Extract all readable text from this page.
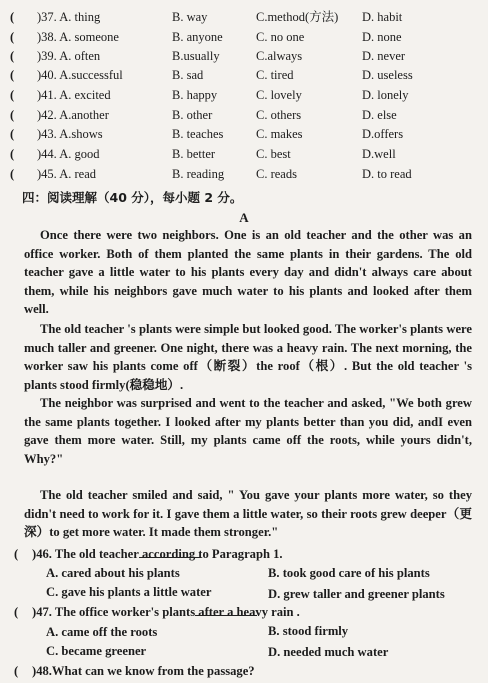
( )37. A. thing	B. way	C.method(方法) D. habit
( )38. A. someone	B. anyone	C. no one	D. none
( )39. A. often	B.usually	C.always	D. never
( )40. A.successful	B. sad	C. tired	D. useless
( )41. A. excited	B. happy	C. lovely	D. lonely
( )42. A.another	B. other	C. others	D. else
( )43. A.shows	B. teaches	C. makes	D.offers
( )44. A. good	B. better	C. best	D.well
( )45. A. read	B. reading	C. reads	D. to read
四：阅读理解（40 分），每小题 2 分。
A

Once there were two neighbors. One is an old teacher and the other was an office worker. Both of them planted the same plants in their gardens. The old teacher gave a little water to his plants every day and didn't always care about them, while his neighbors gave much water to his plants and looked after them well.

The old teacher 's plants were simple but looked good. The worker's plants were much taller and greener. One night, there was a heavy rain. The next morning, the worker saw his plants come off（断裂）the roof（根）. But the old teacher 's plants stood firmly(稳稳地）.

The neighbor was surprised and went to the teacher and asked, "We both grew the same plants together. I looked after my plants better than you did, andI even gave them more water. Still, my plants came off the roots, while yours didn't, Why?"

The old teacher smiled and said, " You gave your plants more water, so they didn't need to work for it. I gave them a little water, so their roots grew deeper（更深）to get more water. It made them stronger."

( )46. The old teacher according to Paragraph 1.
A. cared about his plants	B. took good care of his plants
C. gave his plants a little water	D. grew taller and greener plants
( )47. The office worker's plants after a heavy rain .
A. came off the roots	B. stood firmly
C. became greener	D. needed much water
( )48.What can we know from the passage?
